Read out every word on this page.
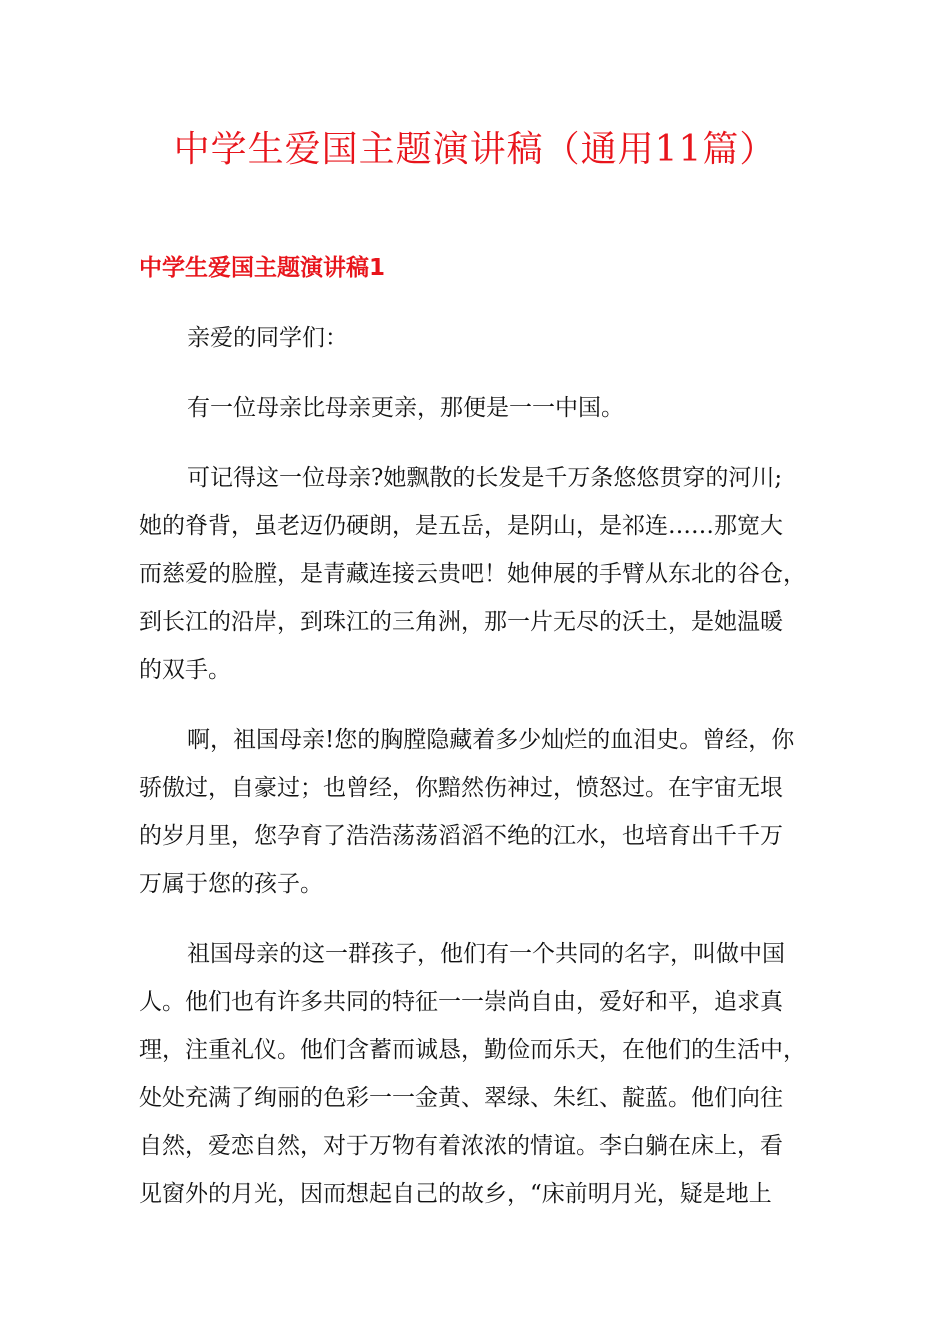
中学生爱国主题演讲稿（通用11篇）
中学生爱国主题演讲稿1
亲爱的同学们：
有一位母亲比母亲更亲，那便是一一中国。
可记得这一位母亲?她飘散的长发是千万条悠悠贯穿的河川;
她的脊背，虽老迈仍硬朗，是五岳，是阴山，是祁连……那宽大
而慈爱的脸膛，是青藏连接云贵吧！她伸展的手臂从东北的谷仓，
到长江的沿岸，到珠江的三角洲，那一片无尽的沃土，是她温暖
的双手。
啊，祖国母亲!您的胸膛隐藏着多少灿烂的血泪史。曾经，你
骄傲过，自豪过；也曾经，你黯然伤神过，愤怒过。在宇宙无垠
的岁月里，您孕育了浩浩荡荡滔滔不绝的江水，也培育出千千万
万属于您的孩子。
祖国母亲的这一群孩子，他们有一个共同的名字，叫做中国
人。他们也有许多共同的特征一一崇尚自由，爱好和平，追求真
理，注重礼仪。他们含蓄而诚恳，勤俭而乐天，在他们的生活中，
处处充满了绚丽的色彩一一金黄、翠绿、朱红、靛蓝。他们向往
自然，爱恋自然，对于万物有着浓浓的情谊。李白躺在床上，看
见窗外的月光，因而想起自己的故乡，“床前明月光，疑是地上
